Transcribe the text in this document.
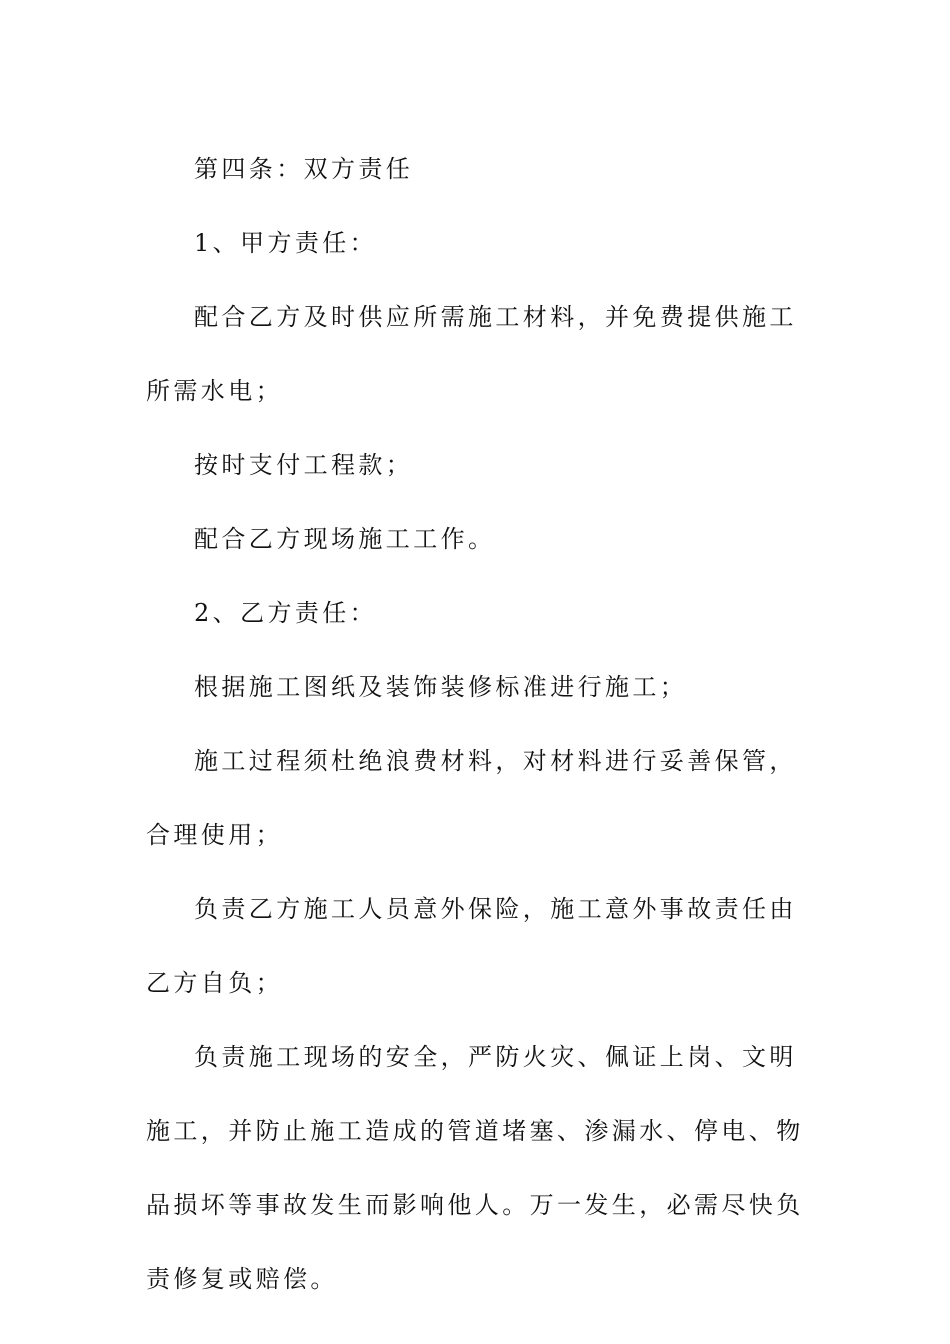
第四条：双方责任

1、甲方责任：

配合乙方及时供应所需施工材料，并免费提供施工所需水电；

按时支付工程款；

配合乙方现场施工工作。

2、乙方责任：

根据施工图纸及装饰装修标准进行施工；

施工过程须杜绝浪费材料，对材料进行妥善保管，合理使用；

负责乙方施工人员意外保险，施工意外事故责任由乙方自负；

负责施工现场的安全，严防火灾、佩证上岗、文明施工，并防止施工造成的管道堵塞、渗漏水、停电、物品损坏等事故发生而影响他人。万一发生，必需尽快负责修复或赔偿。
